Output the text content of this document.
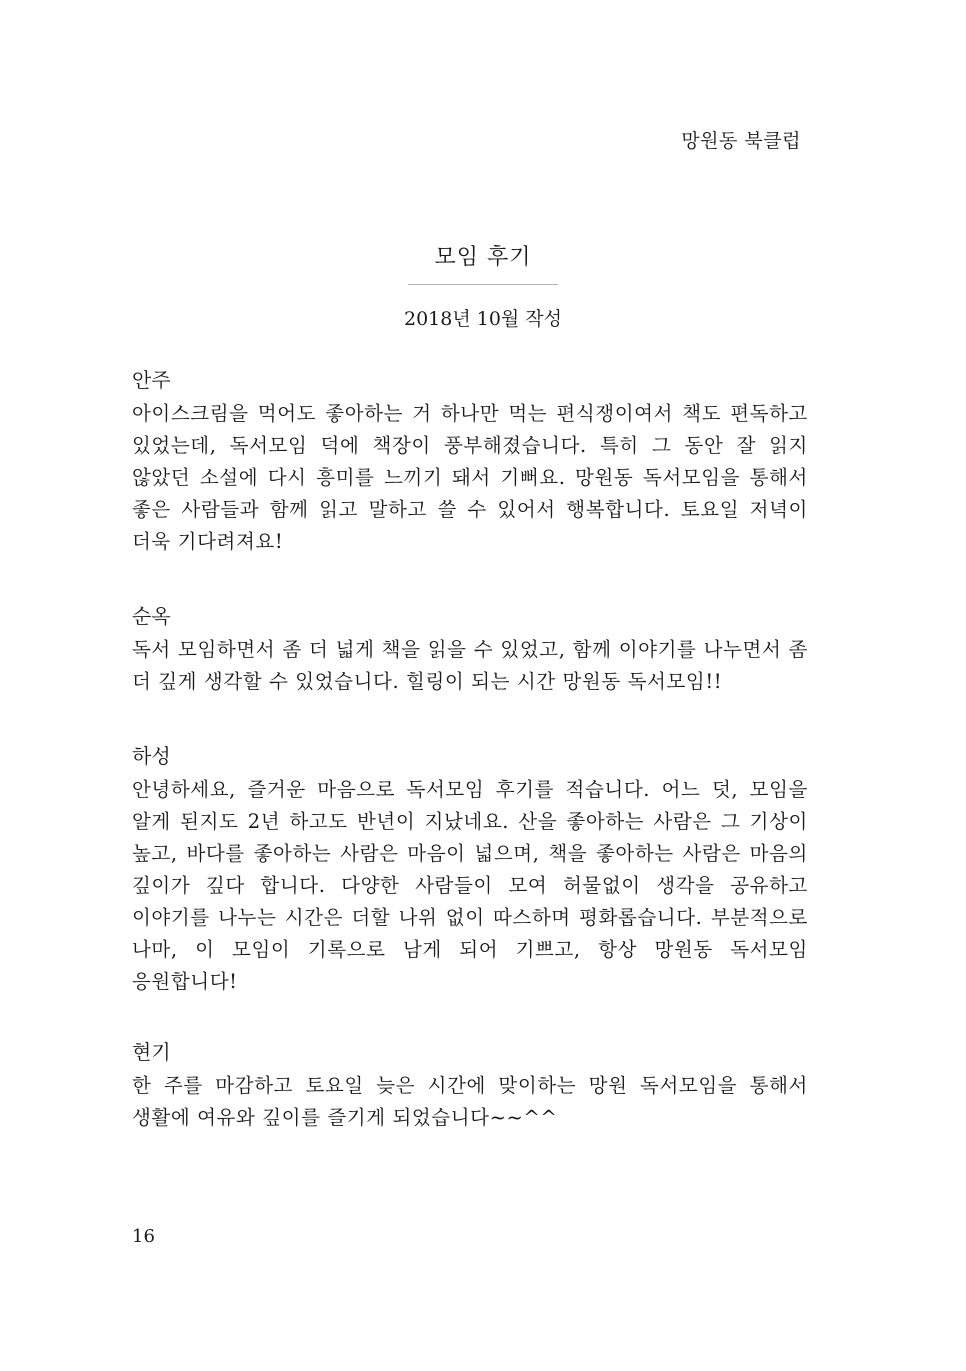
망원동 북클럽
모임 후기
2018년 10월 작성
안주
아이스크림을 먹어도 좋아하는 거 하나만 먹는 편식쟁이여서 책도 편독하고 있었는데, 독서모임 덕에 책장이 풍부해졌습니다. 특히 그 동안 잘 읽지 않았던 소설에 다시 흥미를 느끼기 돼서 기뻐요. 망원동 독서모임을 통해서 좋은 사람들과 함께 읽고 말하고 쓸 수 있어서 행복합니다. 토요일 저녁이 더욱 기다려져요!
순옥
독서 모임하면서 좀 더 넓게 책을 읽을 수 있었고, 함께 이야기를 나누면서 좀 더 깊게 생각할 수 있었습니다. 힐링이 되는 시간 망원동 독서모임!!
하성
안녕하세요, 즐거운 마음으로 독서모임 후기를 적습니다. 어느 덧, 모임을 알게 된지도 2년 하고도 반년이 지났네요. 산을 좋아하는 사람은 그 기상이 높고, 바다를 좋아하는 사람은 마음이 넓으며, 책을 좋아하는 사람은 마음의 깊이가 깊다 합니다. 다양한 사람들이 모여 허물없이 생각을 공유하고 이야기를 나누는 시간은 더할 나위 없이 따스하며 평화롭습니다. 부분적으로 나마, 이 모임이 기록으로 남게 되어 기쁘고, 항상 망원동 독서모임 응원합니다!
현기
한 주를 마감하고 토요일 늦은 시간에 맞이하는 망원 독서모임을 통해서 생활에 여유와 깊이를 즐기게 되었습니다~~^^
16
